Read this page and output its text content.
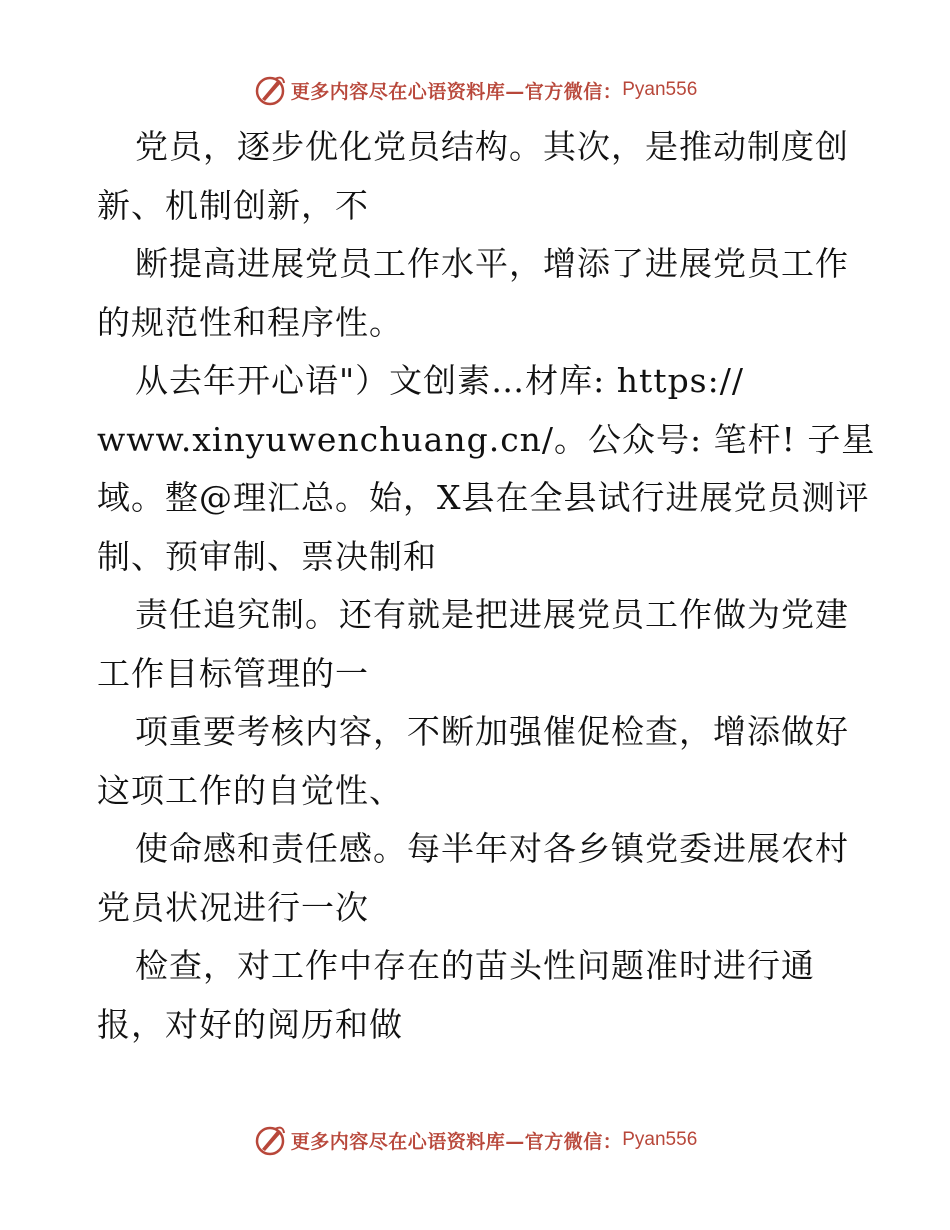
更多内容尽在心语资料库—官方微信： Pyan556
党员，逐步优化党员结构。其次，是推动制度创
新、机制创新，不
断提高进展党员工作水平，增添了进展党员工作
的规范性和程序性。
从去年开心语"）文创素…材库: https://
www.xinyuwenchuang.cn/。公众号: 笔杆! 子星
域。整@理汇总。始，X县在全县试行进展党员测评
制、预审制、票决制和
责任追究制。还有就是把进展党员工作做为党建
工作目标管理的一
项重要考核内容，不断加强催促检查，增添做好
这项工作的自觉性、
使命感和责任感。每半年对各乡镇党委进展农村
党员状况进行一次
检查，对工作中存在的苗头性问题准时进行通
报，对好的阅历和做
更多内容尽在心语资料库—官方微信： Pyan556
